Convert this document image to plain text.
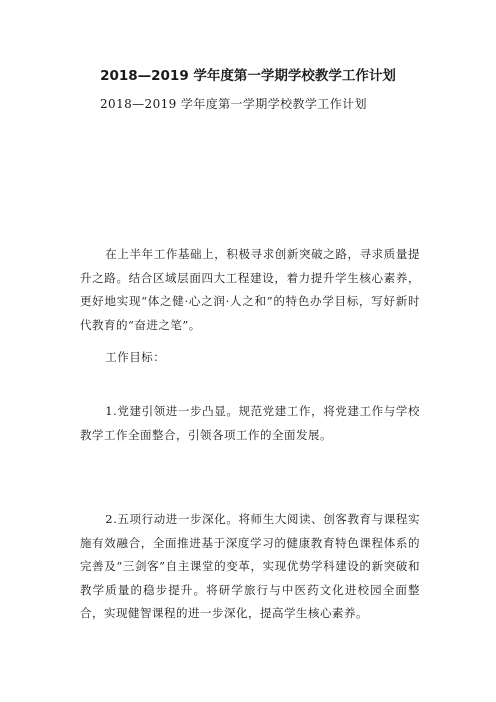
2018—2019 学年度第一学期学校教学工作计划
2018—2019 学年度第一学期学校教学工作计划

在上半年工作基础上，积极寻求创新突破之路，寻求质量提升之路。结合区域层面四大工程建设，着力提升学生核心素养，更好地实现“体之健·心之润·人之和”的特色办学目标，写好新时代教育的“奋进之笔”。

工作目标：

1.党建引领进一步凸显。规范党建工作，将党建工作与学校教学工作全面整合，引领各项工作的全面发展。

2.五项行动进一步深化。将师生大阅读、创客教育与课程实施有效融合，全面推进基于深度学习的健康教育特色课程体系的完善及“三剑客”自主课堂的变革，实现优势学科建设的新突破和教学质量的稳步提升。将研学旅行与中医药文化进校园全面整合，实现健智课程的进一步深化，提高学生核心素养。
